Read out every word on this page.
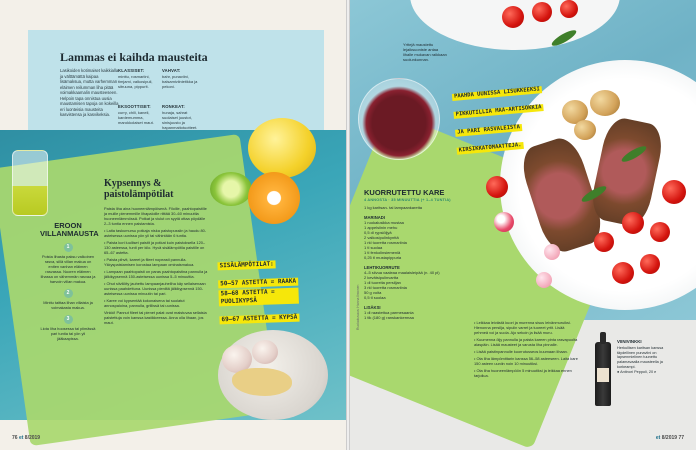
Lammas ei kaihda mausteita

Lasikoiden kotimaiset kaikkialla ja välttämättä kaipaa lisämaksua, mutta varhemman eläimen reilumman liha pitää voimakkaamalin mausteeseen. Helpoin tapa onnistua uusia maustamisen tapoja on kokeilla eri luonteisia mausteita kasvistensa ja kasvikeksia.

KLASSISET:
minttu, rosmariini, timjami, valkosipuli, sitruuna, pippurit.
VAHVAT:
bahr, punaviini, balsamiviinietikka ja pekoni.
EKSOOTTISET:
curry, chili, kaneli, kardemumma, marokkolaiset maut.
RONKEAT:
hunaja, sahrat suolaiset juustot, sinisjuusto ja hapanmaitotuotteet.
Kypsennys & paistolämpötilat

Paista liha aina huoneenlämpöisenä. Filoille, paahtopaistille ja muille pienemmille lihapaloille riittää 30–60 minuuttia huoneenlämmössä. Potkat ja viulut on syytä ottaa pöydälle 2–3 tuntia ennen paistamista.

• Laita taskumursu potkaja niska paistopussiin ja haudu 80-asteisessa uunissa yön yli tai vähintään 6 tuntia.

• Paista kori luulliset paistit ja potkat kuin paistoksella 120–130 asteessa, tunti per kilo. Hyvä sisälämpötila paistille on 65–67 astetta.

• Paista pihvit, kareet ja fileet nopeasti pannulla. Ykkyspaistamisen korostaa lampaan ominaismakua.

• Lampaan paahtopaisti on paras paahtopaistina pannulla ja jälkikypsennä 150-asteisessa uunissa 5–5 minuuttia.

• Ohut siivilöity jauhettu lampaanjauheliha käy sellaisenaan uunissa paahdettuna. Uunissa pieniltä jälkikypsennä 150-asteisessa uunissa minuutin tai pari.

• Karee voi kypsentää kokonaisena tai suolatut annospaloina, pannulla, grillissä tai uunissa.

Vinkki! Pannut fileet tai pienet palat ovat maistuvaa sellaisia paistettuja voin kanssa kastikkeessa. Anna olla lihaan, jos maut.

EROON VILLANMAUSTA
1
Poista lihasta paksu valkoinen rasva, sillä villan makua on eniten vanhan eläimen rasvassa. Nuoren eläimen lihassa on vähemmän rasvaa ja harvoin villan makua.
2
Minttu taittaa lihan villaista ja voimakasta makua.
3
Liota liha hoosessa tai piimässä pari tuntia tai yön yli jääkaapissa.
SISÄLÄMPÖTILAT:
50–57 ASTETTA = RAAKA
58–68 ASTETTA = PUOLIKYPSÄ
69–67 ASTETTA = KYPSÄ
76 et 8/2019

Yrttejä maustettu lejaiksuoniste antaa lihalle mukavan raikkaan suolunkunnan.

PAAHDA UUNISSA LISUKKEEKSI
PIKKUTILLIA MAA-ARTISOKKIA
JA PARI RASVALEISTA
KIRSIKKATOMAATTEJA.
KUORRUTETTU KARE
4 ANNOSTA · 35 MINUUTTIA (+ 1–4 TUNTIA)
1 kg karitsan- tai lampaankaretta
MARINADI
1 ruokalusikka mustaa
1 appelsiinin mehu
0,5 dl rypsiöljyä
2 valkosipulinkynttä
1 rkl tuoretta rosmariinia
1 tl suolaa
1 tl fenkolinsiemeniä
0,25 tl mustapippuria
LEHTIKUORRUTE
4–5 siivua vaaleaa maalaisleipää (n. 40 pl)
2 kevätsipulinvartta
1 dl tuoreita persiljan
3 rkl tuoretta rosmariinia
50 g voita
0,5 tl suolaa
LISÄKSI
1 dl raastettua parmesaania
1 tlk (180 g) ranskankermaa
Ruokakuvaus: Hanna Ilmonen	• Leikkaa leivästä kuori ja murenna sisus leivänmuruiksi. Hienonna persilja, sipulin varret ja tuoreet yrtit. Lisää pehmeä voi ja suola. Ajo sekoin ja lisää muru.

• Kuumenna öljy pannulla ja paista kareen pinta rasvapuolta alaspäin. Lisää mausteet ja varusta liha pinnalle.

• Lisää paistinpannulle kuorrutusseos kuumaan lihaan.

• Ota liha lämpömittarin kanssa 56–58 asteeseen. Laita kare 150 asteen uuniin noin 10 minuutiksi.

• Ota liha huoneenlämpöön 5 minuutiksi ja leikkaa ennen tarjoilua.

VIINIVINKKI
Herkullisen karitsan kanssa täydellinen punaviini on lapsenmielinen tuunettu palamavaalla mausteella ja korkeampi.
● Antinori Peppoli, 20 e
et 8/2019 77
